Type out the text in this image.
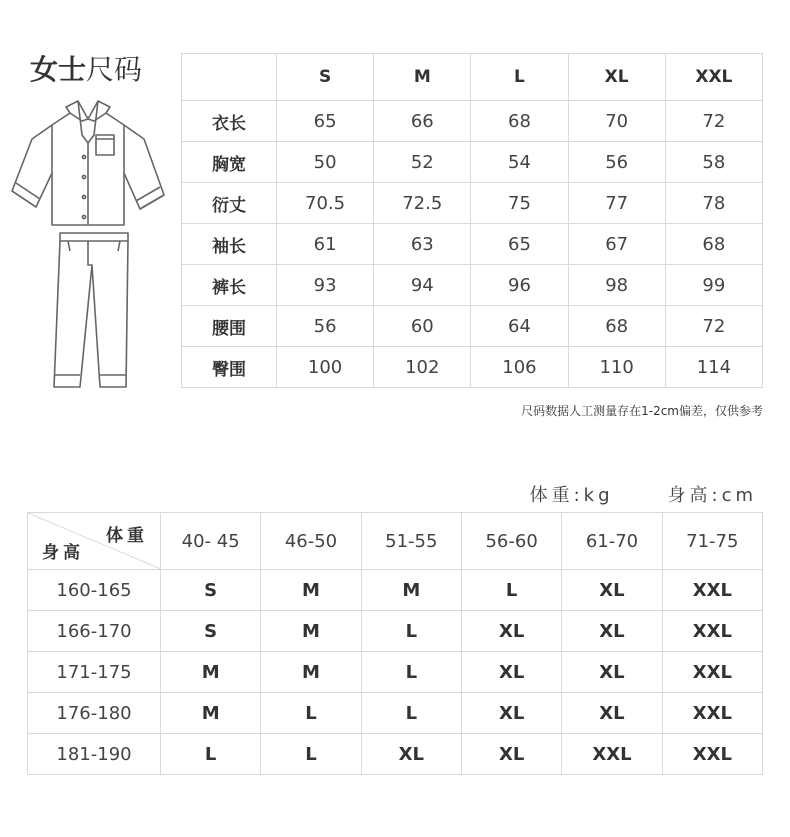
女士尺码
		S	M	L	XL	XXL
衣长	65	66	68	70	72
胸宽	50	52	54	56	58
衍丈	70.5	72.5	75	77	78
袖长	61	63	65	67	68
裤长	93	94	96	98	99
腰围	56	60	64	68	72
臀围	100	102	106	110	114
尺码数据人工测量存在1-2cm偏差，仅供参考
体重:kg	身高:cm
体重
身高	40- 45	46-50	51-55	56-60	61-70	71-75
160-165	S	M	M	L	XL	XXL
166-170	S	M	L	XL	XL	XXL
171-175	M	M	L	XL	XL	XXL
176-180	M	L	L	XL	XL	XXL
181-190	L	L	XL	XL	XXL	XXL
